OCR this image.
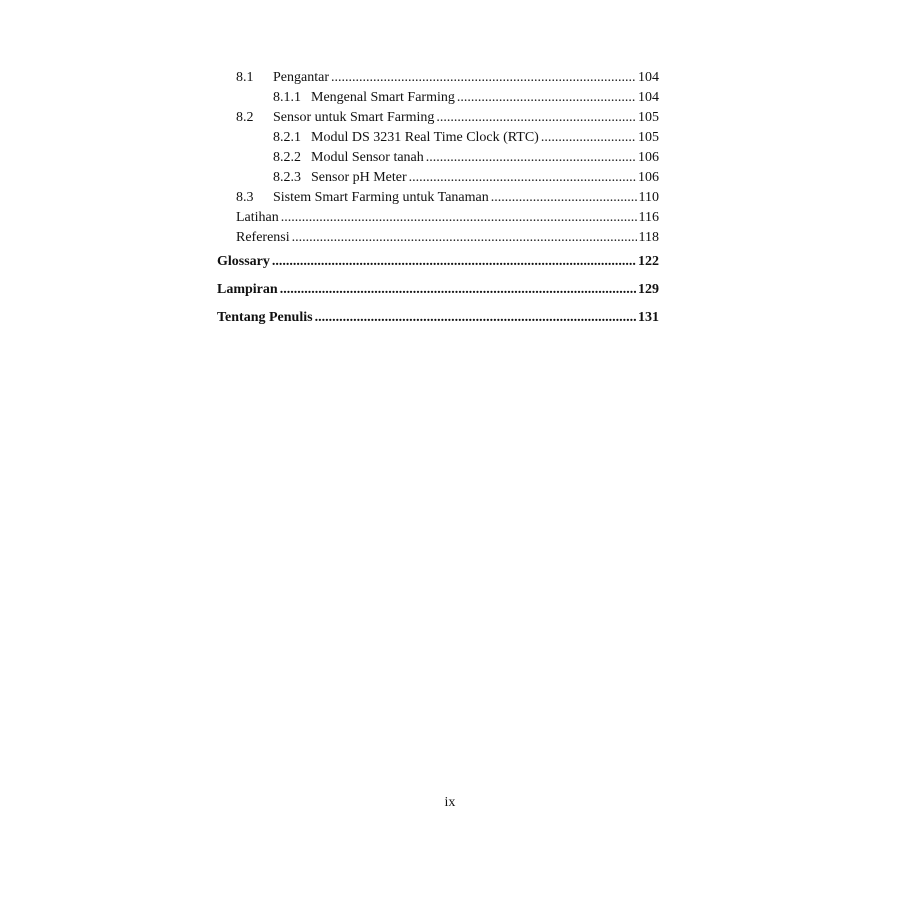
8.1	Pengantar .....	104
8.1.1 Mengenal Smart Farming .....	104
8.2	Sensor untuk Smart Farming .....	105
8.2.1 Modul DS 3231 Real Time Clock (RTC) .....	105
8.2.2 Modul Sensor tanah .....	106
8.2.3 Sensor pH Meter .....	106
8.3	Sistem Smart Farming untuk Tanaman .....	110
Latihan .....	116
Referensi .....	118
Glossary .....	122
Lampiran .....	129
Tentang Penulis .....	131
ix
